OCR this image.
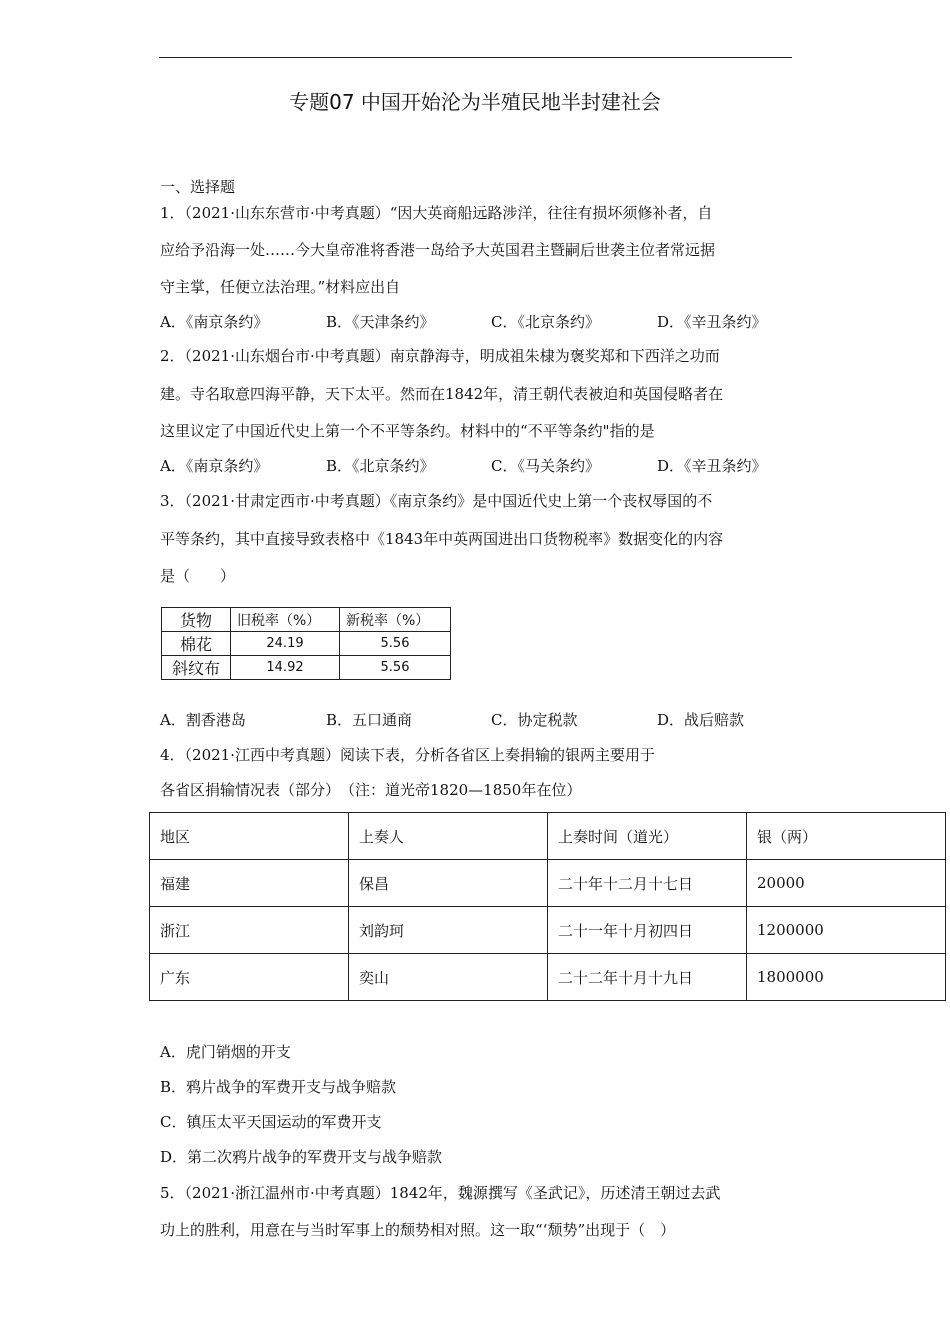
专题07 中国开始沦为半殖民地半封建社会
一、选择题
1．（2021·山东东营市·中考真题）“因大英商船远路涉洋，往往有损坏须修补者，自
应给予沿海一处……今大皇帝准将香港一岛给予大英国君主暨嗣后世袭主位者常远据
守主掌，任便立法治理。”材料应出自
A．《南京条约》	B．《天津条约》	C．《北京条约》	D．《辛丑条约》
2．（2021·山东烟台市·中考真题）南京静海寺，明成祖朱棣为褒奖郑和下西洋之功而
建。寺名取意四海平静，天下太平。然而在1842年，清王朝代表被迫和英国侵略者在
这里议定了中国近代史上第一个不平等条约。材料中的“不平等条约"指的是
A．《南京条约》	B．《北京条约》	C．《马关条约》	D．《辛丑条约》
3．（2021·甘肃定西市·中考真题）《南京条约》是中国近代史上第一个丧权辱国的不
平等条约，其中直接导致表格中《1843年中英两国进出口货物税率》数据变化的内容
是（　　）
货物	旧税率（%）	新税率（%）
棉花	24.19	5.56
斜纹布	14.92	5.56
A．割香港岛	B．五口通商	C．协定税款	D．战后赔款
4．（2021·江西中考真题）阅读下表，分析各省区上奏捐输的银两主要用于
各省区捐输情况表（部分）　（注：道光帝1820—1850年在位）
地区	上奏人	上奏时间（道光）	银（两）
福建	保昌	二十年十二月十七日	20000
浙江	刘韵珂	二十一年十月初四日	1200000
广东	奕山	二十二年十月十九日	1800000
A．虎门销烟的开支
B．鸦片战争的军费开支与战争赔款
C．镇压太平天国运动的军费开支
D．第二次鸦片战争的军费开支与战争赔款
5．（2021·浙江温州市·中考真题）1842年，魏源撰写《圣武记》，历述清王朝过去武
功上的胜利，用意在与当时军事上的颓势相对照。这一取“‘颓势”出现于（　）
